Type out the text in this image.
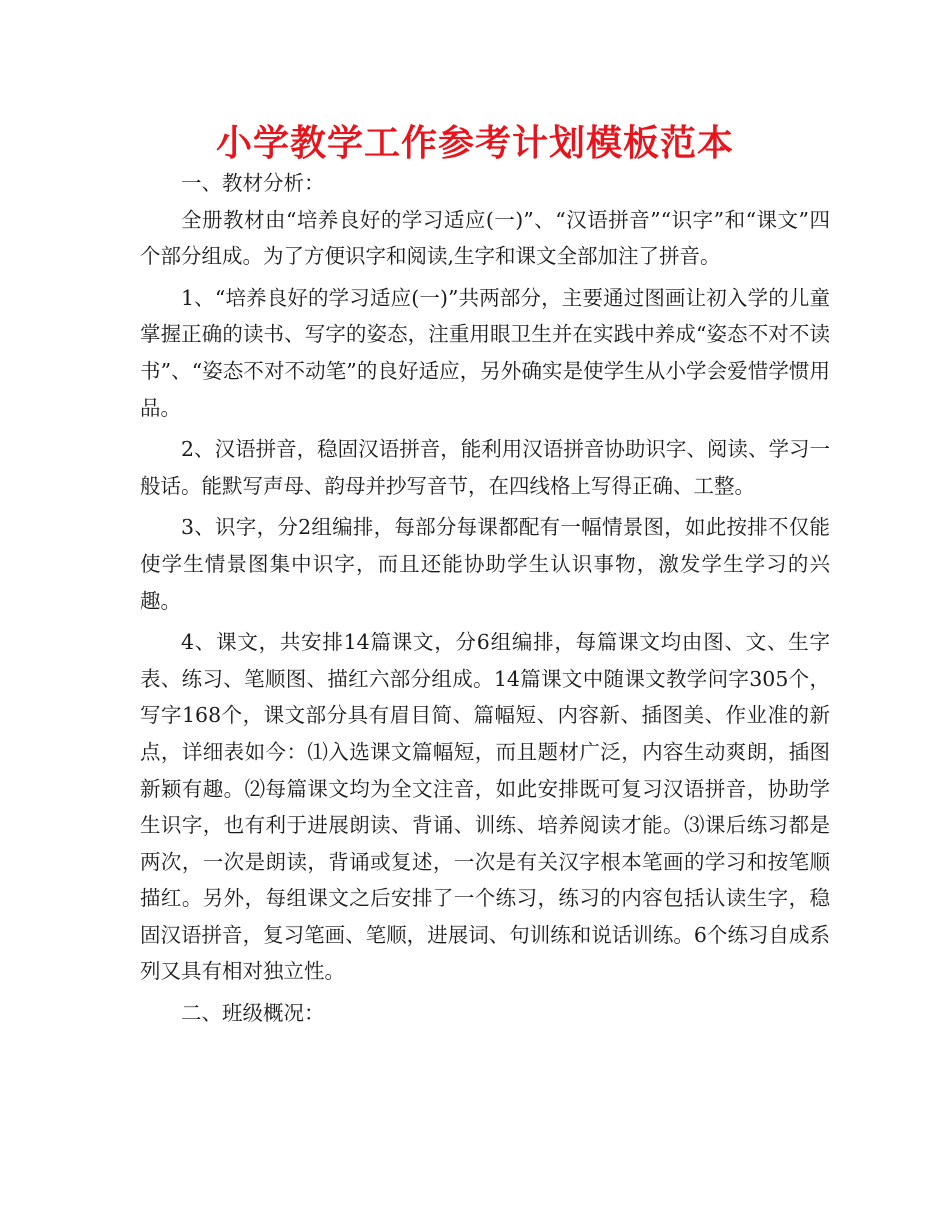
小学教学工作参考计划模板范本

一、教材分析：

全册教材由“培养良好的学习适应(一)”、“汉语拼音”“识字”和“课文”四个部分组成。为了方便识字和阅读,生字和课文全部加注了拼音。

1、“培养良好的学习适应(一)”共两部分，主要通过图画让初入学的儿童掌握正确的读书、写字的姿态，注重用眼卫生并在实践中养成“姿态不对不读书”、“姿态不对不动笔”的良好适应，另外确实是使学生从小学会爱惜学惯用品。

2、汉语拼音，稳固汉语拼音，能利用汉语拼音协助识字、阅读、学习一般话。能默写声母、韵母并抄写音节，在四线格上写得正确、工整。

3、识字，分2组编排，每部分每课都配有一幅情景图，如此按排不仅能使学生情景图集中识字，而且还能协助学生认识事物，激发学生学习的兴趣。

4、课文，共安排14篇课文，分6组编排，每篇课文均由图、文、生字表、练习、笔顺图、描红六部分组成。14篇课文中随课文教学问字305个，写字168个，课文部分具有眉目简、篇幅短、内容新、插图美、作业准的新点，详细表如今：⑴入选课文篇幅短，而且题材广泛，内容生动爽朗，插图新颖有趣。⑵每篇课文均为全文注音，如此安排既可复习汉语拼音，协助学生识字，也有利于进展朗读、背诵、训练、培养阅读才能。⑶课后练习都是两次，一次是朗读，背诵或复述，一次是有关汉字根本笔画的学习和按笔顺描红。另外，每组课文之后安排了一个练习，练习的内容包括认读生字，稳固汉语拼音，复习笔画、笔顺，进展词、句训练和说话训练。6个练习自成系列又具有相对独立性。

二、班级概况：
